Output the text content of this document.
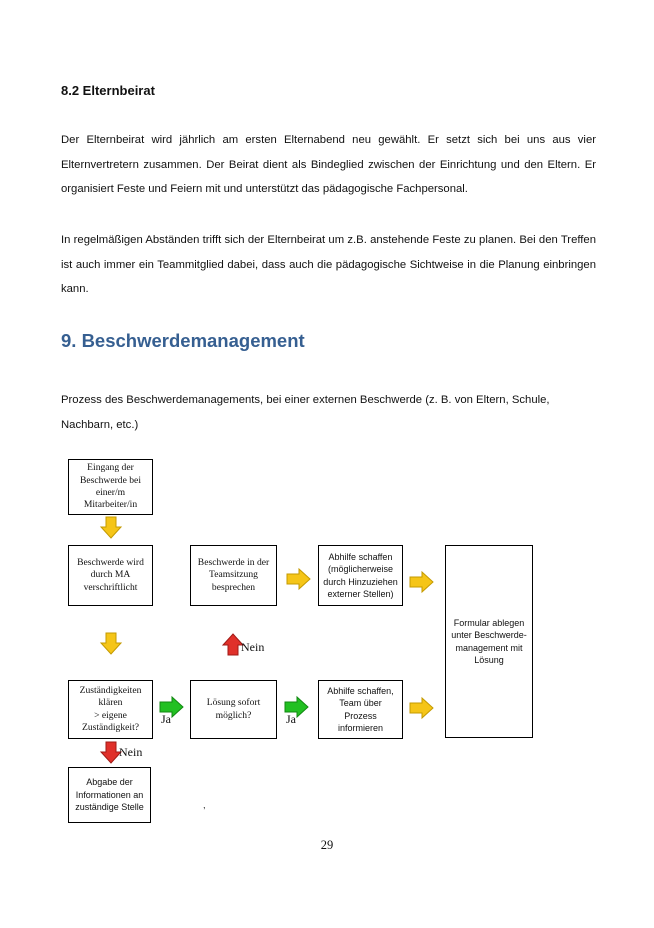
8.2 Elternbeirat

Der Elternbeirat wird jährlich am ersten Elternabend neu gewählt. Er setzt sich bei uns aus vier Elternvertretern zusammen. Der Beirat dient als Bindeglied zwischen der Einrichtung und den Eltern. Er organisiert Feste und Feiern mit und unterstützt das pädagogische Fachpersonal.

In regelmäßigen Abständen trifft sich der Elternbeirat um z.B. anstehende Feste zu planen. Bei den Treffen ist auch immer ein Teammitglied dabei, dass auch die pädagogische Sichtweise in die Planung einbringen kann.

9. Beschwerdemanagement

Prozess des Beschwerdemanagements, bei einer externen Beschwerde (z. B. von Eltern, Schule, Nachbarn, etc.)

Eingang der
Beschwerde bei
einer/m
Mitarbeiter/in
Beschwerde wird
durch MA
verschriftlicht
Beschwerde in der
Teamsitzung
besprechen
Abhilfe schaffen
(möglicherweise
durch Hinzuziehen
externer Stellen)
Formular ablegen
unter Beschwerde-
management mit
Lösung
Zuständigkeiten
klären
> eigene
Zuständigkeit?
Lösung sofort
möglich?
Abhilfe schaffen,
Team über Prozess
informieren
Abgabe der
Informationen an
zuständige Stelle
Ja	Ja
Nein
Nein
,
29
